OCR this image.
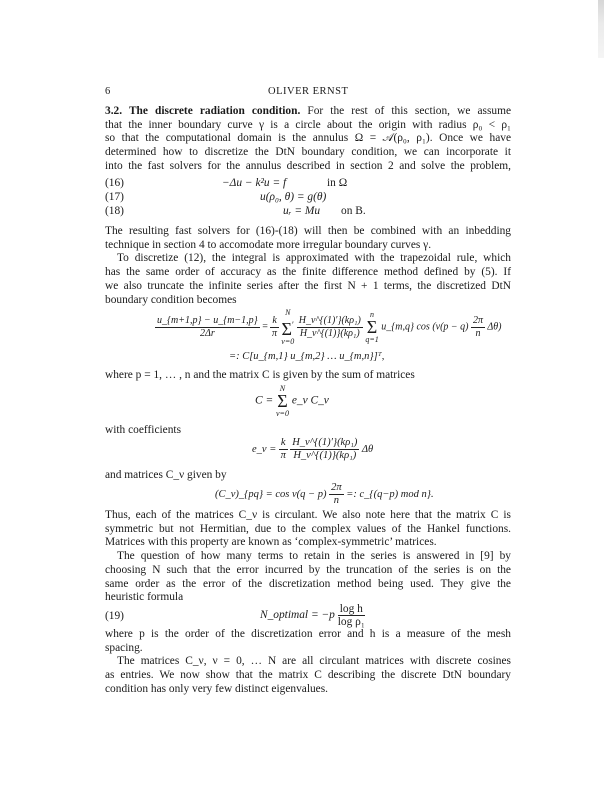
6	OLIVER ERNST
3.2. The discrete radiation condition. For the rest of this section, we assume
that the inner boundary curve γ is a circle about the origin with radius ρ₀ < ρ₁
so that the computational domain is the annulus Ω = 𝒜(ρ₀, ρ₁). Once we have
determined how to discretize the DtN boundary condition, we can incorporate it
into the fast solvers for the annulus described in section 2 and solve the problem,
(16)	−Δu − k²u = f	in Ω
(17)	u(ρ₀, θ) = g(θ)
(18)	uᵣ = Mu on B.
The resulting fast solvers for (16)-(18) will then be combined with an inbedding
technique in section 4 to accomodate more irregular boundary curves γ.
To discretize (12), the integral is approximated with the trapezoidal rule, which
has the same order of accuracy as the finite difference method defined by (5). If
we also truncate the infinite series after the first N + 1 terms, the discretized DtN
boundary condition becomes
$\frac{u\_\{m+1,p\} - u\_\{m-1,p\}}{2\Delta r} = \frac{k}{\pi}$

N
Σ′
ν=0

$\frac{\text{H\_ν\textasciicircum{}\{(1)′\}(kρ₁)}}{\text{H\_ν\textasciicircum{}\{(1)\}(kρ₁)}}$
n
Σ
q=1
u_{m,q} $\cos (\nu(p - q) \frac{2\pi}{n} \Delta\theta)$
=: C[u_{m,1} u_{m,2} … u_{m,n}]ᵀ,
where p = 1, … , n and the matrix C is given by the sum of matrices
C =
N
Σ
ν=0
e_ν C_ν
with coefficients
e_ν = $\frac{k}{\pi}$
$\frac{\text{H\_ν\textasciicircum{}\{(1)′\}(kρ₁)}}{\text{H\_ν\textasciicircum{}\{(1)\}(kρ₁)}}$ Δθ
and matrices C_ν given by
(C_ν)_{pq} = $\cos \nu(q - p) \frac{2\pi}{n}$ =: c_{(q−p) mod n}.
Thus, each of the matrices C_ν is circulant. We also note here that the matrix C is
symmetric but not Hermitian, due to the complex values of the Hankel functions.
Matrices with this property are known as ‘complex-symmetric’ matrices.
The question of how many terms to retain in the series is answered in [9] by
choosing N such that the error incurred by the truncation of the series is on the
same order as the error of the discretization method being used. They give the
heuristic formula
(19)	N_optimal = $-p \frac{\text{log h}}{\text{log ρ₁}}$
where p is the order of the discretization error and h is a measure of the mesh
spacing.
The matrices C_ν, ν = 0, … N are all circulant matrices with discrete cosines
as entries. We now show that the matrix C describing the discrete DtN boundary
condition has only very few distinct eigenvalues.
